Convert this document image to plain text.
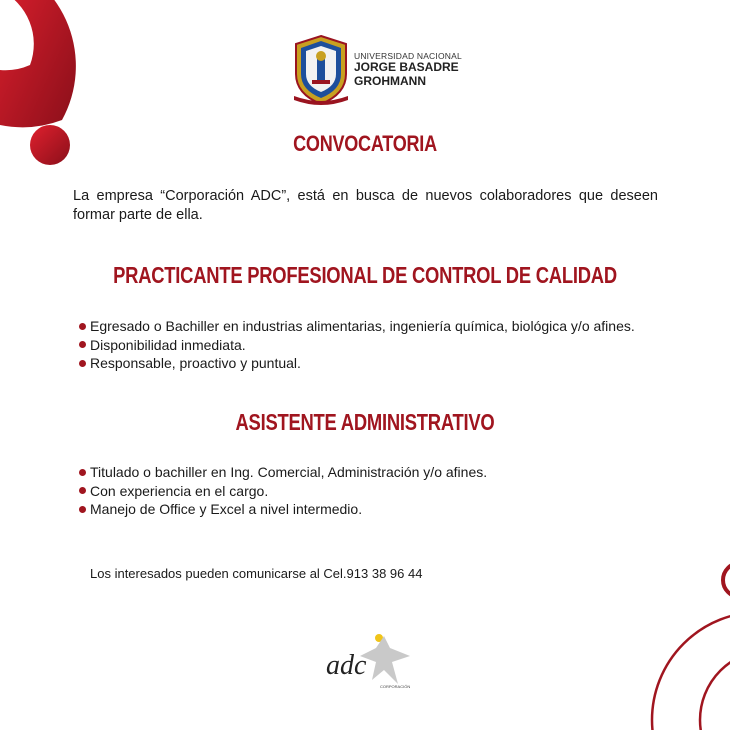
UNIVERSIDAD NACIONAL
JORGE BASADRE
GROHMANN
CONVOCATORIA
La empresa “Corporación ADC”, está en busca de nuevos colaboradores que deseen
formar parte de ella.
PRACTICANTE PROFESIONAL DE CONTROL DE CALIDAD
Egresado o Bachiller en industrias alimentarias, ingeniería química, biológica y/o afines.
Disponibilidad inmediata.
Responsable, proactivo y puntual.
ASISTENTE ADMINISTRATIVO
Titulado o bachiller en Ing. Comercial, Administración y/o afines.
Con experiencia en el cargo.
Manejo de Office y Excel a nivel intermedio.
Los interesados pueden comunicarse al Cel.913 38 96 44
adc
CORPORACIÓN
